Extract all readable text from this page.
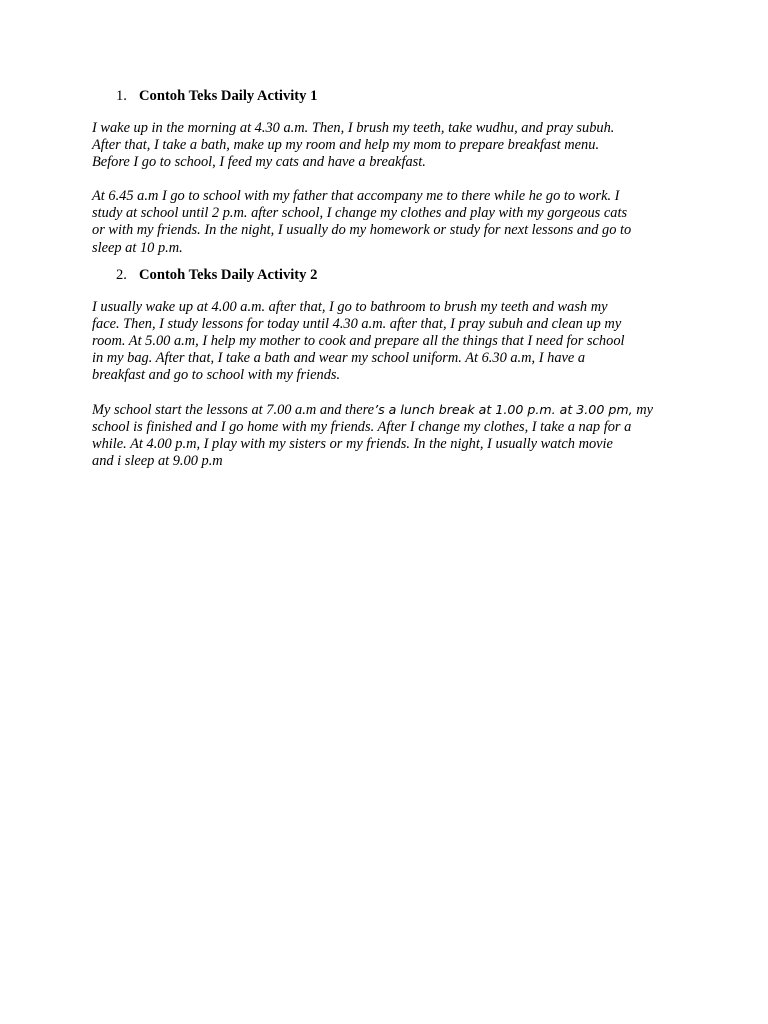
1. Contoh Teks Daily Activity 1

I wake up in the morning at 4.30 a.m. Then, I brush my teeth, take wudhu, and pray subuh.
After that, I take a bath, make up my room and help my mom to prepare breakfast menu.
Before I go to school, I feed my cats and have a breakfast.

At 6.45 a.m I go to school with my father that accompany me to there while he go to work. I
study at school until 2 p.m. after school, I change my clothes and play with my gorgeous cats
or with my friends. In the night, I usually do my homework or study for next lessons and go to
sleep at 10 p.m.

2. Contoh Teks Daily Activity 2

I usually wake up at 4.00 a.m. after that, I go to bathroom to brush my teeth and wash my
face. Then, I study lessons for today until 4.30 a.m. after that, I pray subuh and clean up my
room. At 5.00 a.m, I help my mother to cook and prepare all the things that I need for school
in my bag. After that, I take a bath and wear my school uniform. At 6.30 a.m, I have a
breakfast and go to school with my friends.

My school start the lessons at 7.00 a.m and there’s a lunch break at 1.00 p.m. at 3.00 pm, my
school is finished and I go home with my friends. After I change my clothes, I take a nap for a
while. At 4.00 p.m, I play with my sisters or my friends. In the night, I usually watch movie
and i sleep at 9.00 p.m
